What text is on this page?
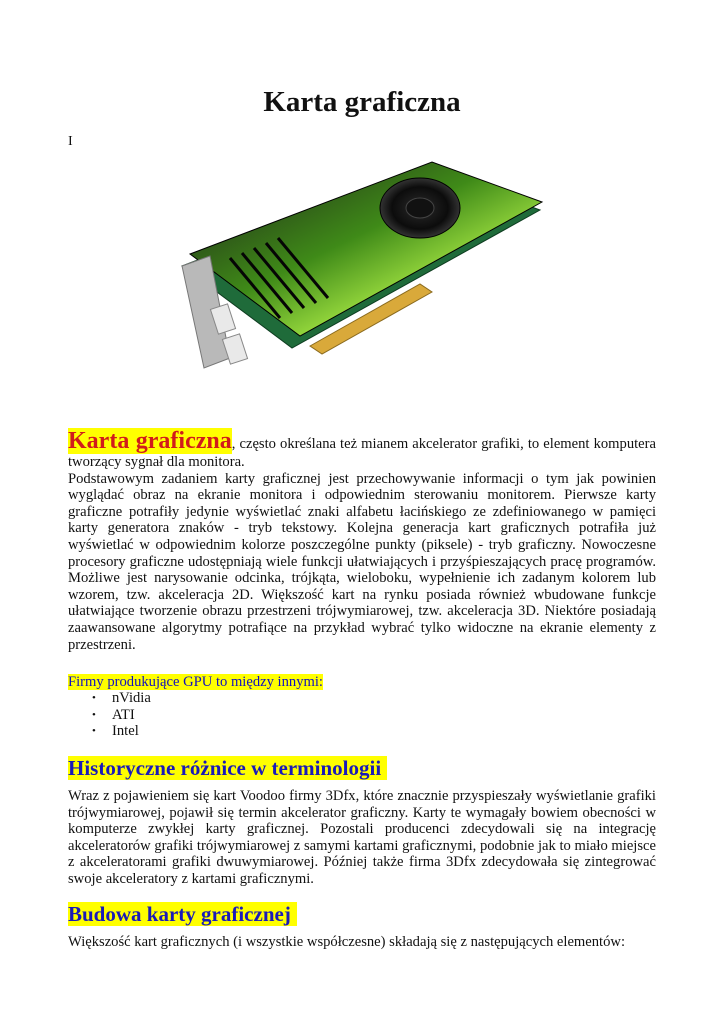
Karta graficzna
I
Karta graficzna, często określana też mianem akcelerator grafiki, to element komputera tworzący sygnał dla monitora.
Podstawowym zadaniem karty graficznej jest przechowywanie informacji o tym jak powinien wyglądać obraz na ekranie monitora i odpowiednim sterowaniu monitorem. Pierwsze karty graficzne potrafiły jedynie wyświetlać znaki alfabetu łacińskiego ze zdefiniowanego w pamięci karty generatora znaków - tryb tekstowy. Kolejna generacja kart graficznych potrafiła już wyświetlać w odpowiednim kolorze poszczególne punkty (piksele) - tryb graficzny. Nowoczesne procesory graficzne udostępniają wiele funkcji ułatwiających i przyśpieszających pracę programów. Możliwe jest narysowanie odcinka, trójkąta, wieloboku, wypełnienie ich zadanym kolorem lub wzorem, tzw. akceleracja 2D. Większość kart na rynku posiada również wbudowane funkcje ułatwiające tworzenie obrazu przestrzeni trójwymiarowej, tzw. akceleracja 3D. Niektóre posiadają zaawansowane algorytmy potrafiące na przykład wybrać tylko widoczne na ekranie elementy z przestrzeni.
Firmy produkujące GPU to między innymi:
• nVidia
• ATI
• Intel
Historyczne różnice w terminologii
Wraz z pojawieniem się kart Voodoo firmy 3Dfx, które znacznie przyspieszały wyświetlanie grafiki trójwymiarowej, pojawił się termin akcelerator graficzny. Karty te wymagały bowiem obecności w komputerze zwykłej karty graficznej. Pozostali producenci zdecydowali się na integrację akceleratorów grafiki trójwymiarowej z samymi kartami graficznymi, podobnie jak to miało miejsce z akceleratorami grafiki dwuwymiarowej. Później także firma 3Dfx zdecydowała się zintegrować swoje akceleratory z kartami graficznymi.
Budowa karty graficznej
Większość kart graficznych (i wszystkie współczesne) składają się z następujących elementów:
